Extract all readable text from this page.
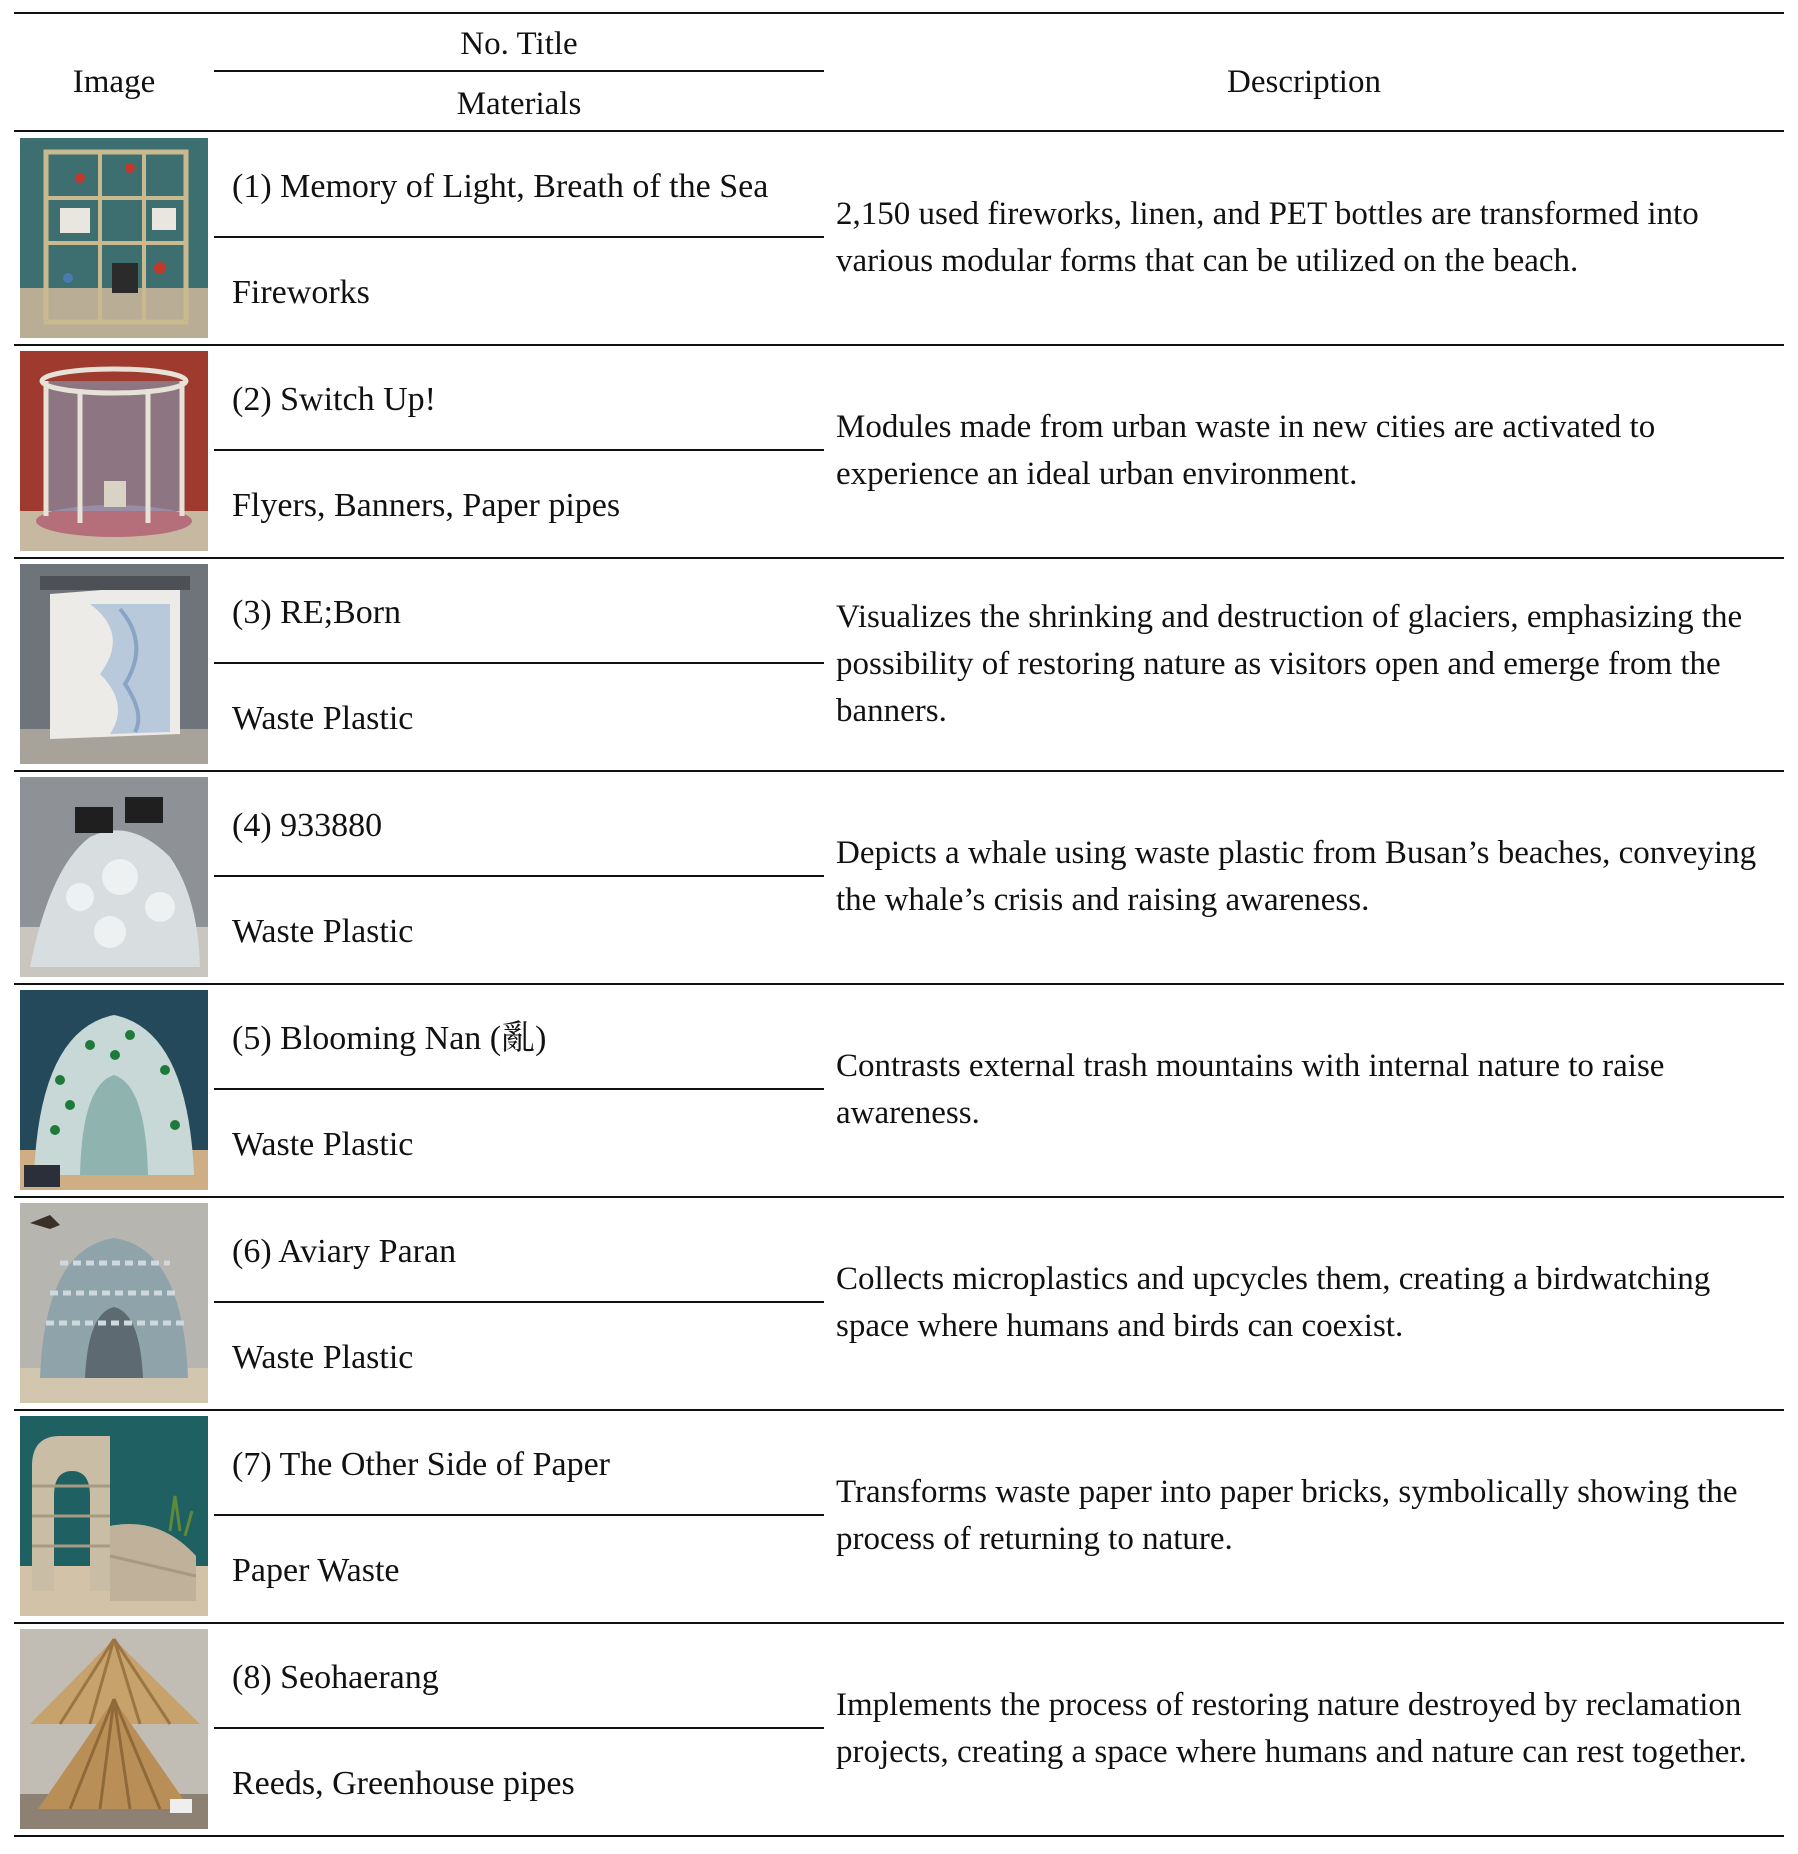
Image
No. Title
Materials
Description
(1) Memory of Light, Breath of the Sea
Fireworks
2,150 used fireworks, linen, and PET bottles are transformed into various modular forms that can be utilized on the beach.
(2) Switch Up!
Flyers, Banners, Paper pipes
Modules made from urban waste in new cities are activated to experience an ideal urban environment.
(3) RE;Born
Waste Plastic
Visualizes the shrinking and destruction of glaciers, emphasizing the possibility of restoring nature as visitors open and emerge from the banners.
(4) 933880
Waste Plastic
Depicts a whale using waste plastic from Busan’s beaches, conveying the whale’s crisis and raising awareness.
(5) Blooming Nan (亂)
Waste Plastic
Contrasts external trash mountains with internal nature to raise awareness.
(6) Aviary Paran
Waste Plastic
Collects microplastics and upcycles them, creating a birdwatching space where humans and birds can coexist.
(7) The Other Side of Paper
Paper Waste
Transforms waste paper into paper bricks, symbolically showing the process of returning to nature.
(8) Seohaerang
Reeds, Greenhouse pipes
Implements the process of restoring nature destroyed by reclamation projects, creating a space where humans and nature can rest together.
